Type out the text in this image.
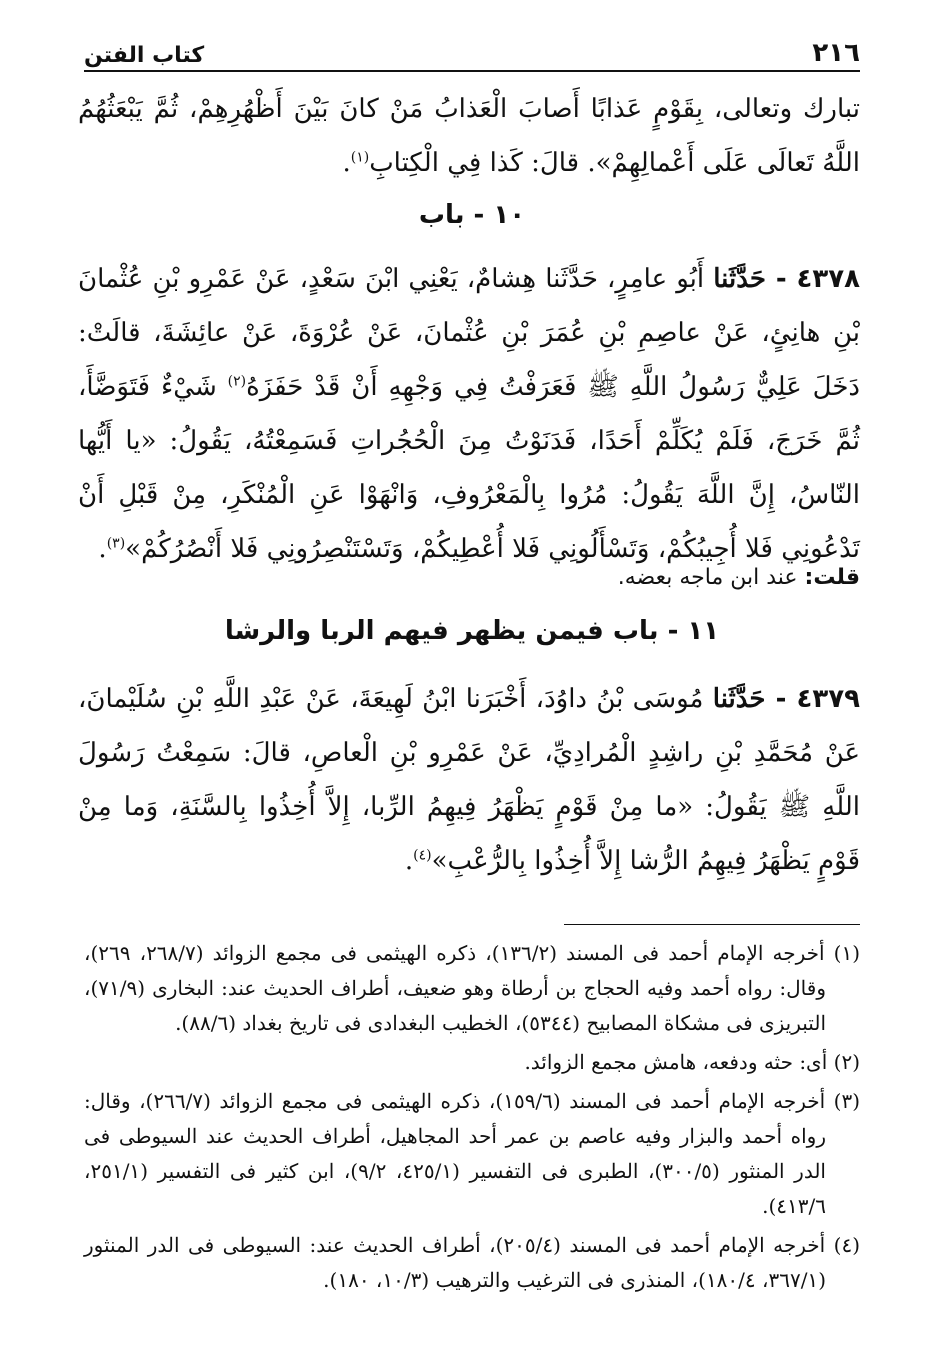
٢١٦
كتاب الفتن

تبارك وتعالى، بِقَوْمٍ عَذابًا أَصابَ الْعَذابُ مَنْ كانَ بَيْنَ أَظْهُرِهِمْ، ثُمَّ يَبْعَثُهُمُ اللَّهُ تَعالَى عَلَى أَعْمالِهِمْ». قالَ: كَذا فِي الْكِتابِ$^{(١)}$.

١٠ - باب

٤٣٧٨ - حَدَّثَنا أَبُو عامِرٍ، حَدَّثَنا هِشامٌ، يَعْنِي ابْنَ سَعْدٍ، عَنْ عَمْرِو بْنِ عُثْمانَ بْنِ هانِئٍ، عَنْ عاصِمِ بْنِ عُمَرَ بْنِ عُثْمانَ، عَنْ عُرْوَةَ، عَنْ عائِشَةَ، قالَتْ: دَخَلَ عَلِيٌّ رَسُولُ اللَّهِ ﷺ فَعَرَفْتُ فِي وَجْهِهِ أَنْ قَدْ حَفَزَهُ$^{(٢)}$ شَيْءٌ فَتَوَضَّأَ، ثُمَّ خَرَجَ، فَلَمْ يُكَلِّمْ أَحَدًا، فَدَنَوْتُ مِنَ الْحُجُراتِ فَسَمِعْتُهُ، يَقُولُ: «يا أَيُّها النّاسُ، إِنَّ اللَّهَ يَقُولُ: مُرُوا بِالْمَعْرُوفِ، وَانْهَوْا عَنِ الْمُنْكَرِ، مِنْ قَبْلِ أَنْ تَدْعُونِي فَلا أُجِيبُكُمْ، وَتَسْأَلُونِي فَلا أُعْطِيكُمْ، وَتَسْتَنْصِرُونِي فَلا أَنْصُرُكُمْ»$^{(٣)}$.

قلت: عند ابن ماجه بعضه.
١١ - باب فيمن يظهر فيهم الربا والرشا

٤٣٧٩ - حَدَّثَنا مُوسَى بْنُ داوُدَ، أَخْبَرَنا ابْنُ لَهِيعَةَ، عَنْ عَبْدِ اللَّهِ بْنِ سُلَيْمانَ، عَنْ مُحَمَّدِ بْنِ راشِدٍ الْمُرادِيِّ، عَنْ عَمْرِو بْنِ الْعاصِ، قالَ: سَمِعْتُ رَسُولَ اللَّهِ ﷺ يَقُولُ: «ما مِنْ قَوْمٍ يَظْهَرُ فِيهِمُ الرِّبا، إِلاَّ أُخِذُوا بِالسَّنَةِ، وَما مِنْ قَوْمٍ يَظْهَرُ فِيهِمُ الرُّشا إِلاَّ أُخِذُوا بِالرُّعْبِ»$^{(٤)}$.

(١) أخرجه الإمام أحمد فى المسند (١٣٦/٢)، ذكره الهيثمى فى مجمع الزوائد (٢٦٨/٧، ٢٦٩)، وقال: رواه أحمد وفيه الحجاج بن أرطاة وهو ضعيف، أطراف الحديث عند: البخارى (٧١/٩)، التبريزى فى مشكاة المصابيح (٥٣٤٤)، الخطيب البغدادى فى تاريخ بغداد (٨٨/٦).

(٢) أى: حثه ودفعه، هامش مجمع الزوائد.

(٣) أخرجه الإمام أحمد فى المسند (١٥٩/٦)، ذكره الهيثمى فى مجمع الزوائد (٢٦٦/٧)، وقال: رواه أحمد والبزار وفيه عاصم بن عمر أحد المجاهيل، أطراف الحديث عند السيوطى فى الدر المنثور (٣٠٠/٥)، الطبرى فى التفسير (٤٢٥/١، ٩/٢)، ابن كثير فى التفسير (٢٥١/١، ٤١٣/٦).

(٤) أخرجه الإمام أحمد فى المسند (٢٠٥/٤)، أطراف الحديث عند: السيوطى فى الدر المنثور (٣٦٧/١، ١٨٠/٤)، المنذرى فى الترغيب والترهيب (١٠/٣، ١٨٠).
